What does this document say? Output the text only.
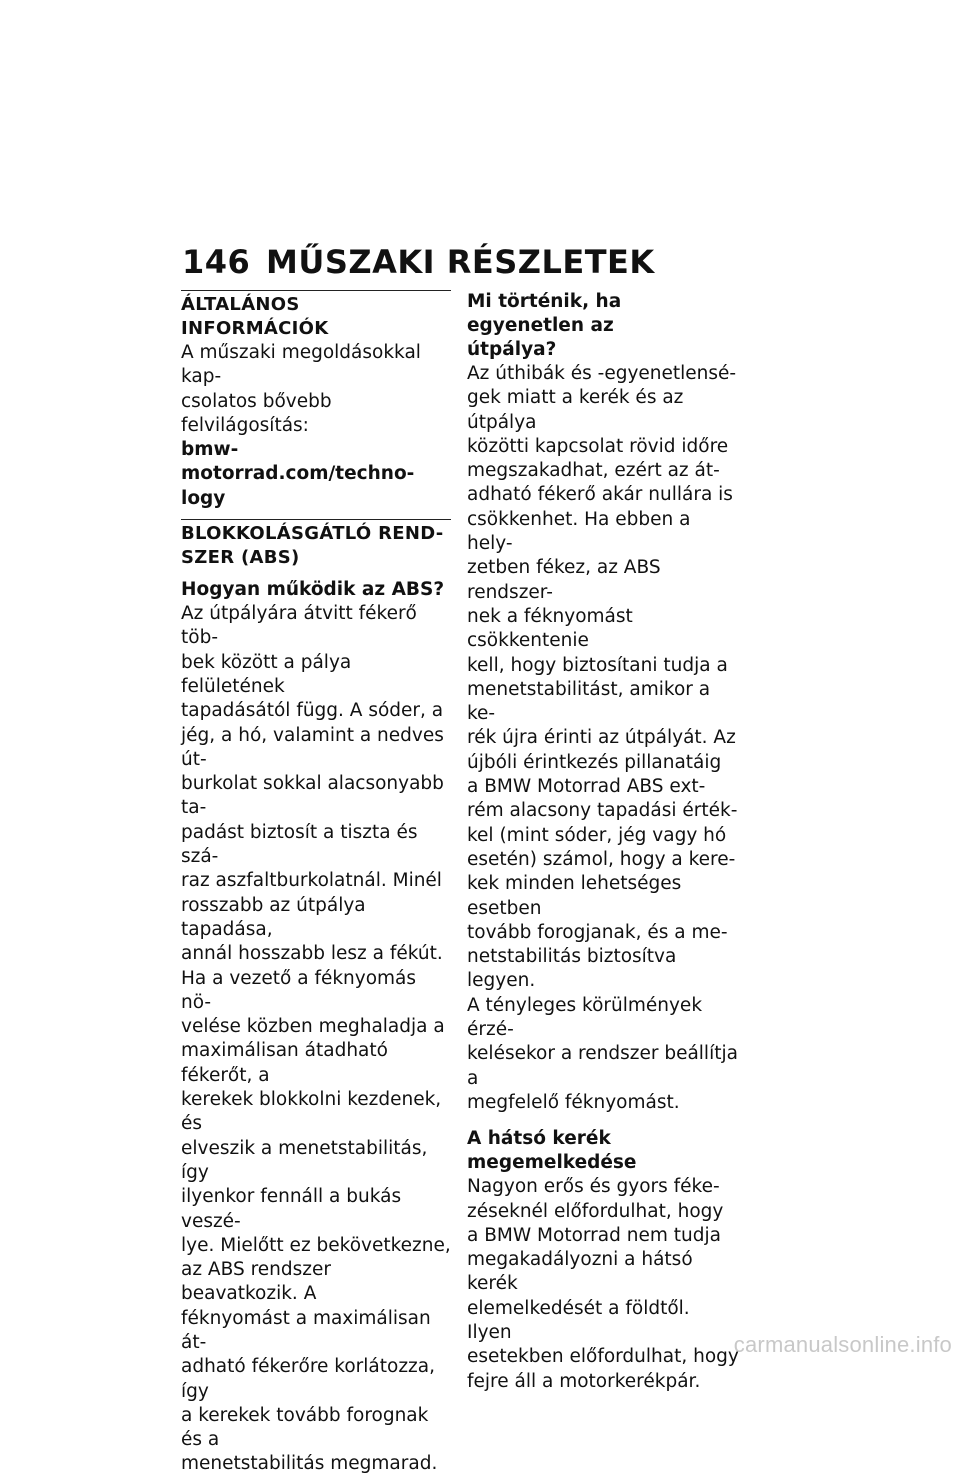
146 MŰSZAKI RÉSZLETEK
ÁLTALÁNOS INFORMÁCIÓK

A műszaki megoldásokkal kap-

csolatos bővebb felvilágosítás:

bmw-motorrad.com/techno-

logy

BLOKKOLÁSGÁTLÓ REND-
SZER (ABS)
Hogyan működik az ABS?

Az útpályára átvitt fékerő töb-

bek között a pálya felületének

tapadásától függ. A sóder, a

jég, a hó, valamint a nedves út-

burkolat sokkal alacsonyabb ta-

padást biztosít a tiszta és szá-

raz aszfaltburkolatnál. Minél

rosszabb az útpálya tapadása,

annál hosszabb lesz a fékút.

Ha a vezető a féknyomás nö-

velése közben meghaladja a

maximálisan átadható fékerőt, a

kerekek blokkolni kezdenek, és

elveszik a menetstabilitás, így

ilyenkor fennáll a bukás veszé-

lye. Mielőtt ez bekövetkezne,

az ABS rendszer beavatkozik. A

féknyomást a maximálisan át-

adható fékerőre korlátozza, így

a kerekek tovább forognak és a

menetstabilitás megmarad.

Mi történik, ha egyenetlen az
útpálya?

Az úthibák és -egyenetlensé-

gek miatt a kerék és az útpálya

közötti kapcsolat rövid időre

megszakadhat, ezért az át-

adható fékerő akár nullára is

csökkenhet. Ha ebben a hely-

zetben fékez, az ABS rendszer-

nek a féknyomást csökkentenie

kell, hogy biztosítani tudja a

menetstabilitást, amikor a ke-

rék újra érinti az útpályát. Az

újbóli érintkezés pillanatáig

a BMW Motorrad ABS ext-

rém alacsony tapadási érték-

kel (mint sóder, jég vagy hó

esetén) számol, hogy a kere-

kek minden lehetséges esetben

tovább forogjanak, és a me-

netstabilitás biztosítva legyen.

A tényleges körülmények érzé-

kelésekor a rendszer beállítja a

megfelelő féknyomást.

A hátsó kerék
megemelkedése

Nagyon erős és gyors féke-

zéseknél előfordulhat, hogy

a BMW Motorrad nem tudja

megakadályozni a hátsó kerék

elemelkedését a földtől. Ilyen

esetekben előfordulhat, hogy

fejre áll a motorkerékpár.

carmanualsonline.info
